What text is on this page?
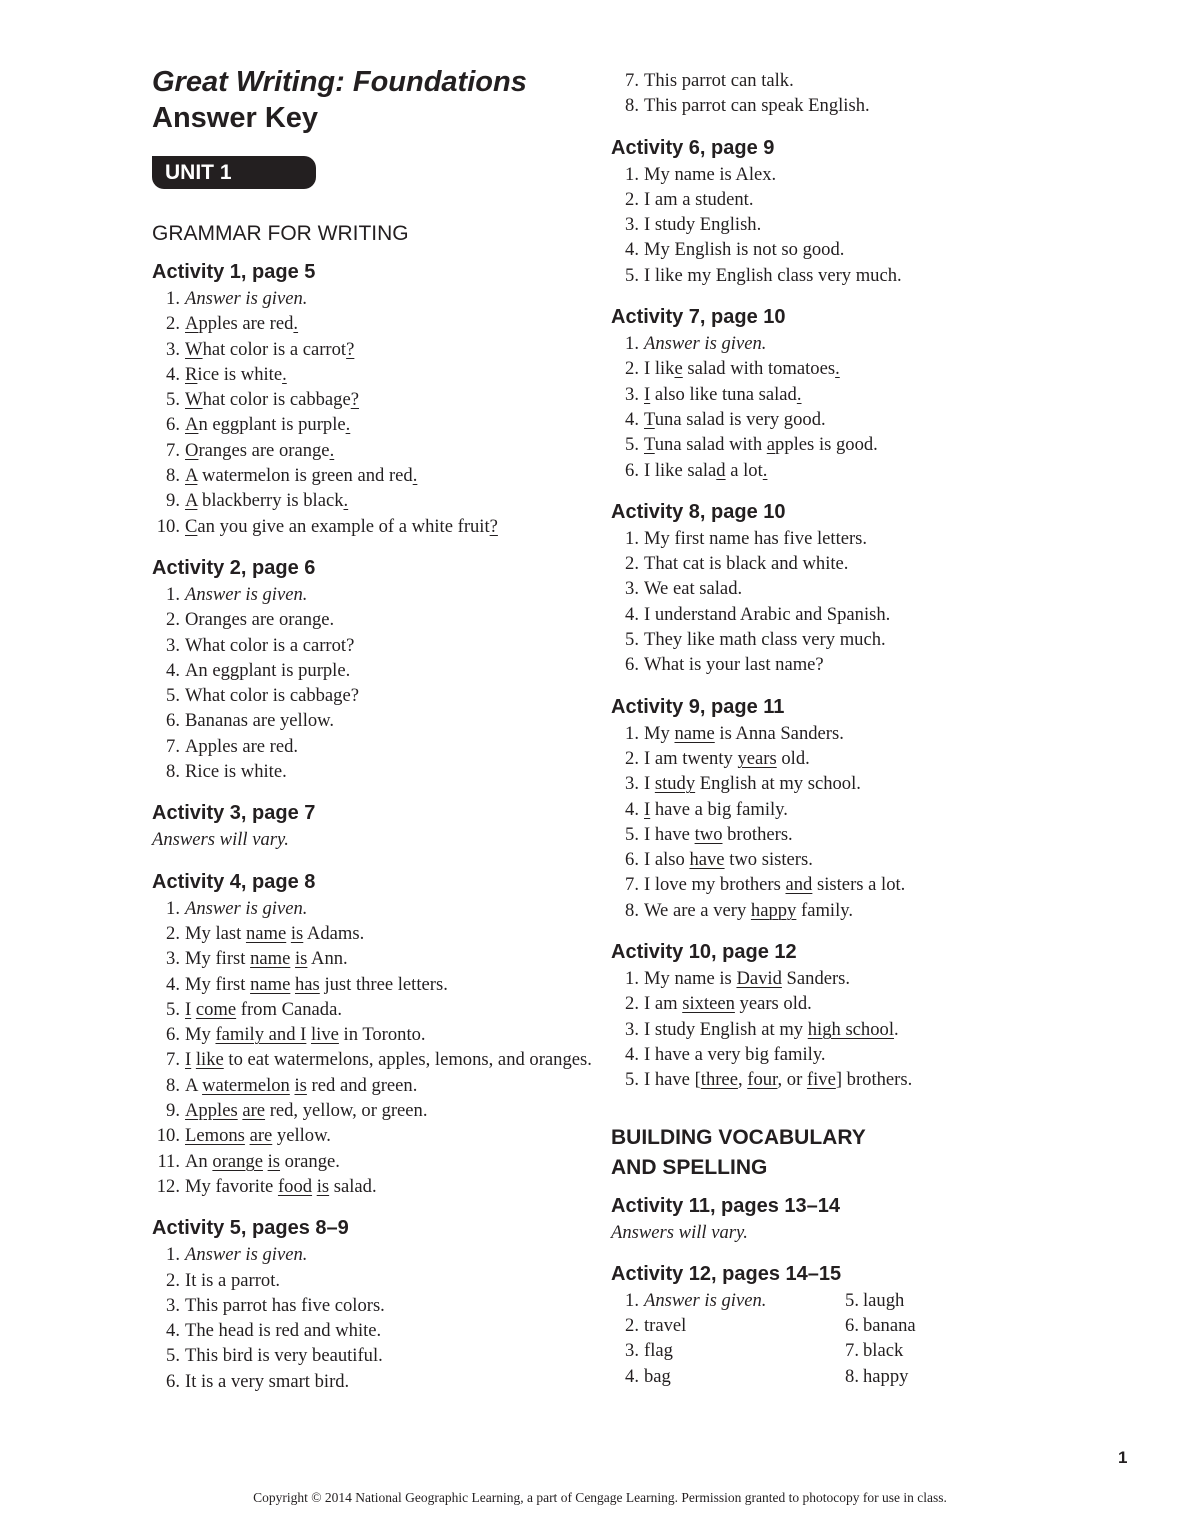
Great Writing: Foundations
Answer Key
UNIT 1
GRAMMAR FOR WRITING
Activity 1, page 5
1. Answer is given.
2. Apples are red.
3. What color is a carrot?
4. Rice is white.
5. What color is cabbage?
6. An eggplant is purple.
7. Oranges are orange.
8. A watermelon is green and red.
9. A blackberry is black.
10. Can you give an example of a white fruit?
Activity 2, page 6
1. Answer is given.
2. Oranges are orange.
3. What color is a carrot?
4. An eggplant is purple.
5. What color is cabbage?
6. Bananas are yellow.
7. Apples are red.
8. Rice is white.
Activity 3, page 7
Answers will vary.
Activity 4, page 8
1. Answer is given.
2. My last name is Adams.
3. My first name is Ann.
4. My first name has just three letters.
5. I come from Canada.
6. My family and I live in Toronto.
7. I like to eat watermelons, apples, lemons, and oranges.
8. A watermelon is red and green.
9. Apples are red, yellow, or green.
10. Lemons are yellow.
11. An orange is orange.
12. My favorite food is salad.
Activity 5, pages 8–9
1. Answer is given.
2. It is a parrot.
3. This parrot has five colors.
4. The head is red and white.
5. This bird is very beautiful.
6. It is a very smart bird.
7. This parrot can talk.
8. This parrot can speak English.
Activity 6, page 9
1. My name is Alex.
2. I am a student.
3. I study English.
4. My English is not so good.
5. I like my English class very much.
Activity 7, page 10
1. Answer is given.
2. I like salad with tomatoes.
3. I also like tuna salad.
4. Tuna salad is very good.
5. Tuna salad with apples is good.
6. I like salad a lot.
Activity 8, page 10
1. My first name has five letters.
2. That cat is black and white.
3. We eat salad.
4. I understand Arabic and Spanish.
5. They like math class very much.
6. What is your last name?
Activity 9, page 11
1. My name is Anna Sanders.
2. I am twenty years old.
3. I study English at my school.
4. I have a big family.
5. I have two brothers.
6. I also have two sisters.
7. I love my brothers and sisters a lot.
8. We are a very happy family.
Activity 10, page 12
1. My name is David Sanders.
2. I am sixteen years old.
3. I study English at my high school.
4. I have a very big family.
5. I have [three, four, or five] brothers.
BUILDING VOCABULARY
AND SPELLING
Activity 11, pages 13–14
Answers will vary.
Activity 12, pages 14–15
1. Answer is given.
2. travel
3. flag
4. bag
5. laugh
6. banana
7. black
8. happy
1
Copyright © 2014 National Geographic Learning, a part of Cengage Learning. Permission granted to photocopy for use in class.
